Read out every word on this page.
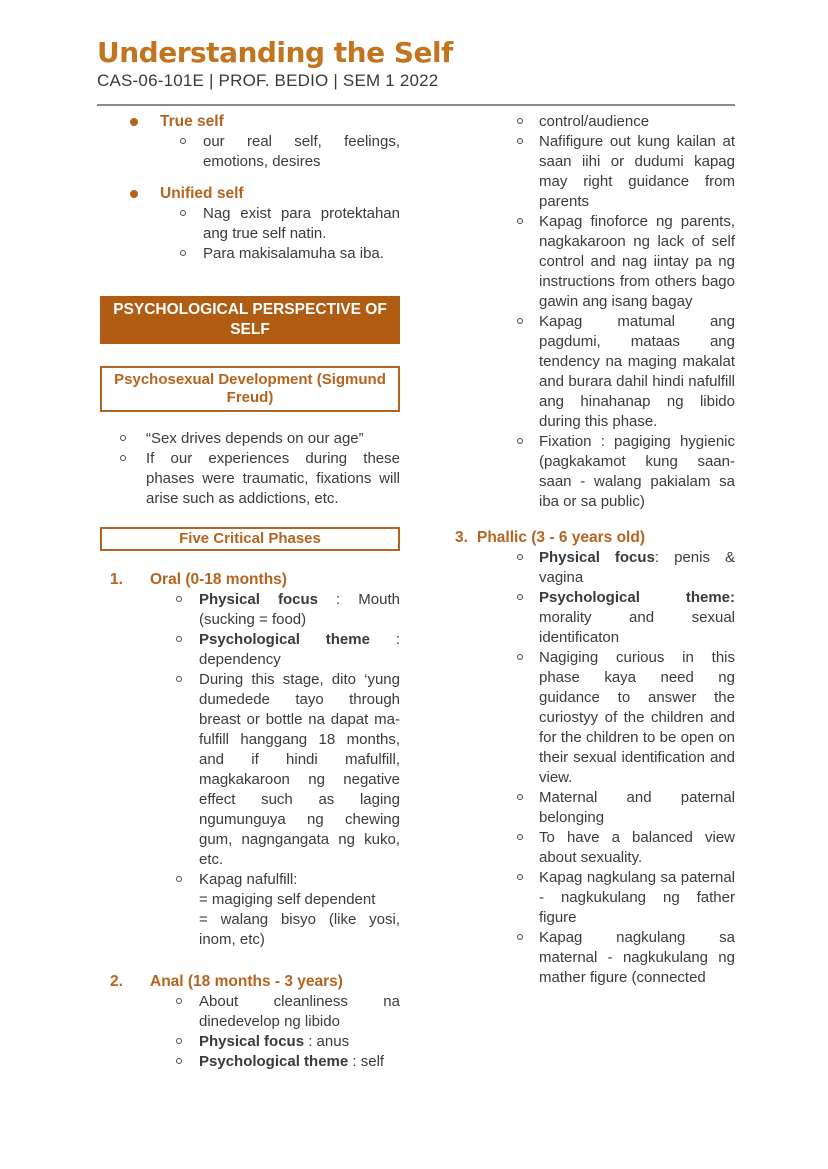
Understanding the Self
CAS-06-101E | PROF. BEDIO | SEM 1 2022
True self
our real self, feelings, emotions, desires
Unified self
Nag exist para protektahan ang true self natin.
Para makisalamuha sa iba.
PSYCHOLOGICAL PERSPECTIVE OF SELF
Psychosexual Development (Sigmund Freud)
“Sex drives depends on our age”
If our experiences during these phases were traumatic, fixations will arise such as addictions, etc.
Five Critical Phases
1.	Oral (0-18 months)
Physical focus : Mouth (sucking = food)
Psychological theme : dependency
During this stage, dito ‘yung dumedede tayo through breast or bottle na dapat ma-fulfill hanggang 18 months, and if hindi mafulfill, magkakaroon ng negative effect such as laging ngumunguya ng chewing gum, nagngangata ng kuko, etc.
Kapag nafulfill:
= magiging self dependent
= walang bisyo (like yosi, inom, etc)
2.	Anal (18 months - 3 years)
About cleanliness na dinedevelop ng libido
Physical focus : anus
Psychological theme : self
control/audience
Nafifigure out kung kailan at saan iihi or dudumi kapag may right guidance from parents
Kapag finoforce ng parents, nagkakaroon ng lack of self control and nag iintay pa ng instructions from others bago gawin ang isang bagay
Kapag matumal ang pagdumi, mataas ang tendency na maging makalat and burara dahil hindi nafulfill ang hinahanap ng libido during this phase.
Fixation : pagiging hygienic (pagkakamot kung saan-saan - walang pakialam sa iba or sa public)
3. Phallic (3 - 6 years old)
Physical focus: penis & vagina
Psychological theme: morality and sexual identificaton
Nagiging curious in this phase kaya need ng guidance to answer the curiostyy of the children and for the children to be open on their sexual identification and view.
Maternal and paternal belonging
To have a balanced view about sexuality.
Kapag nagkulang sa paternal - nagkukulang ng father figure
Kapag nagkulang sa maternal - nagkukulang ng mather figure (connected
